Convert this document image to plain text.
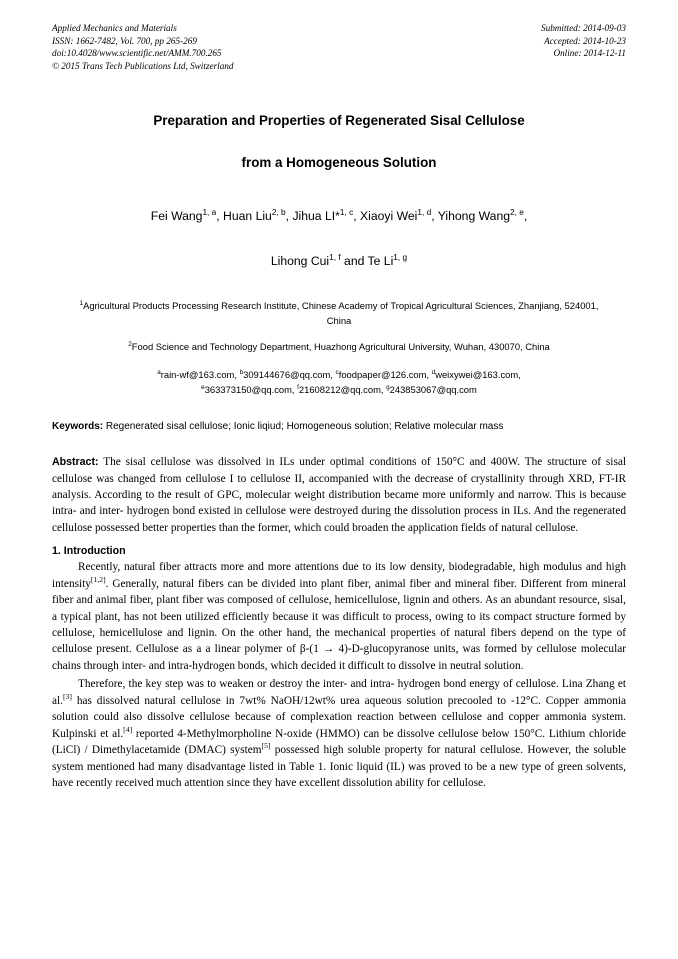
Applied Mechanics and Materials
ISSN: 1662-7482, Vol. 700, pp 265-269
doi:10.4028/www.scientific.net/AMM.700.265
© 2015 Trans Tech Publications Ltd, Switzerland
Submitted: 2014-09-03
Accepted: 2014-10-23
Online: 2014-12-11
Preparation and Properties of Regenerated Sisal Cellulose
from a Homogeneous Solution
Fei Wang$^{1, a}$, Huan Liu$^{2, b}$, Jihua LI*$^{1, c}$, Xiaoyi Wei$^{1, d}$, Yihong Wang$^{2, e}$,
Lihong Cui$^{1, f}$ and Te Li$^{1, g}$
$^1$Agricultural Products Processing Research Institute, Chinese Academy of Tropical Agricultural Sciences, Zhanjiang, 524001, China
$^2$Food Science and Technology Department, Huazhong Agricultural University, Wuhan, 430070, China
$^a$rain-wf@163.com, $^b$309144676@qq.com, $^c$foodpaper@126.com, $^d$weixywei@163.com,
$^e$363373150@qq.com, $^f$21608212@qq.com, $^g$243853067@qq.com
Keywords: Regenerated sisal cellulose; Ionic liqiud; Homogeneous solution; Relative molecular mass
Abstract: The sisal cellulose was dissolved in ILs under optimal conditions of 150°C and 400W. The structure of sisal cellulose was changed from cellulose I to cellulose II, accompanied with the decrease of crystallinity through XRD, FT-IR analysis. According to the result of GPC, molecular weight distribution became more uniformly and narrow. This is because intra- and inter- hydrogen bond existed in cellulose were destroyed during the dissolution process in ILs. And the regenerated cellulose possessed better properties than the former, which could broaden the application fields of natural cellulose.
1. Introduction
Recently, natural fiber attracts more and more attentions due to its low density, biodegradable, high modulus and high intensity[1,2]. Generally, natural fibers can be divided into plant fiber, animal fiber and mineral fiber. Different from mineral fiber and animal fiber, plant fiber was composed of cellulose, hemicellulose, lignin and others. As an abundant resource, sisal, a typical plant, has not been utilized efficiently because it was difficult to process, owing to its compact structure formed by cellulose, hemicellulose and lignin. On the other hand, the mechanical properties of natural fibers depend on the type of cellulose present. Cellulose as a a linear polymer of β-(1 → 4)-D-glucopyranose units, was formed by cellulose molecular chains through inter- and intra-hydrogen bonds, which decided it difficult to dissolve in neutral solution.
Therefore, the key step was to weaken or destroy the inter- and intra- hydrogen bond energy of cellulose. Lina Zhang et al.[3] has dissolved natural cellulose in 7wt% NaOH/12wt% urea aqueous solution precooled to -12°C. Copper ammonia solution could also dissolve cellulose because of complexation reaction between cellulose and copper ammonia system. Kulpinski et al.[4] reported 4-Methylmorpholine N-oxide (HMMO) can be dissolve cellulose below 150°C. Lithium chloride (LiCl) / Dimethylacetamide (DMAC) system[5] possessed high soluble property for natural cellulose. However, the soluble system mentioned had many disadvantage listed in Table 1. Ionic liquid (IL) was proved to be a new type of green solvents, have recently received much attention since they have excellent dissolution ability for cellulose.
